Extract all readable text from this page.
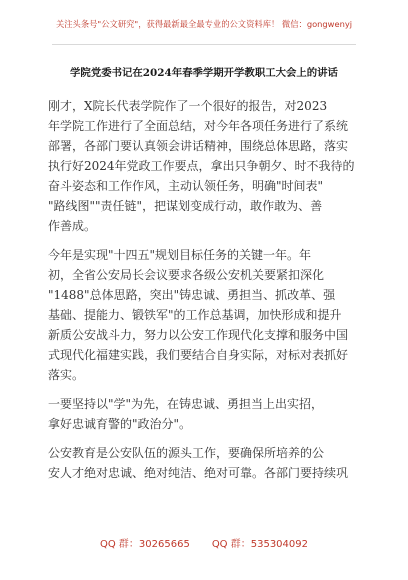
关注头条号"公文研究"，获得最新最全最专业的公文资料库！ 微信：gongwenyj
学院党委书记在2024年春季学期开学教职工大会上的讲话

刚才，X院长代表学院作了一个很好的报告，对2023
年学院工作进行了全面总结，对今年各项任务进行了系统
部署，各部门要认真领会讲话精神，围绕总体思路，落实
执行好2024年党政工作要点，拿出只争朝夕、时不我待的
奋斗姿态和工作作风，主动认领任务，明确"时间表"
"路线图""责任链"，把谋划变成行动，敢作敢为、善
作善成。

今年是实现"十四五"规划目标任务的关键一年。年
初，全省公安局长会议要求各级公安机关要紧扣深化
"1488"总体思路，突出"铸忠诚、勇担当、抓改革、强
基础、提能力、锻铁军"的工作总基调，加快形成和提升
新质公安战斗力，努力以公安工作现代化支撑和服务中国
式现代化福建实践，我们要结合自身实际，对标对表抓好
落实。

一要坚持以"学"为先，在铸忠诚、勇担当上出实招，
拿好忠诚育警的"政治分"。

公安教育是公安队伍的源头工作，要确保所培养的公
安人才绝对忠诚、绝对纯洁、绝对可靠。各部门要持续巩

QQ 群：30265665 QQ 群：535304092
